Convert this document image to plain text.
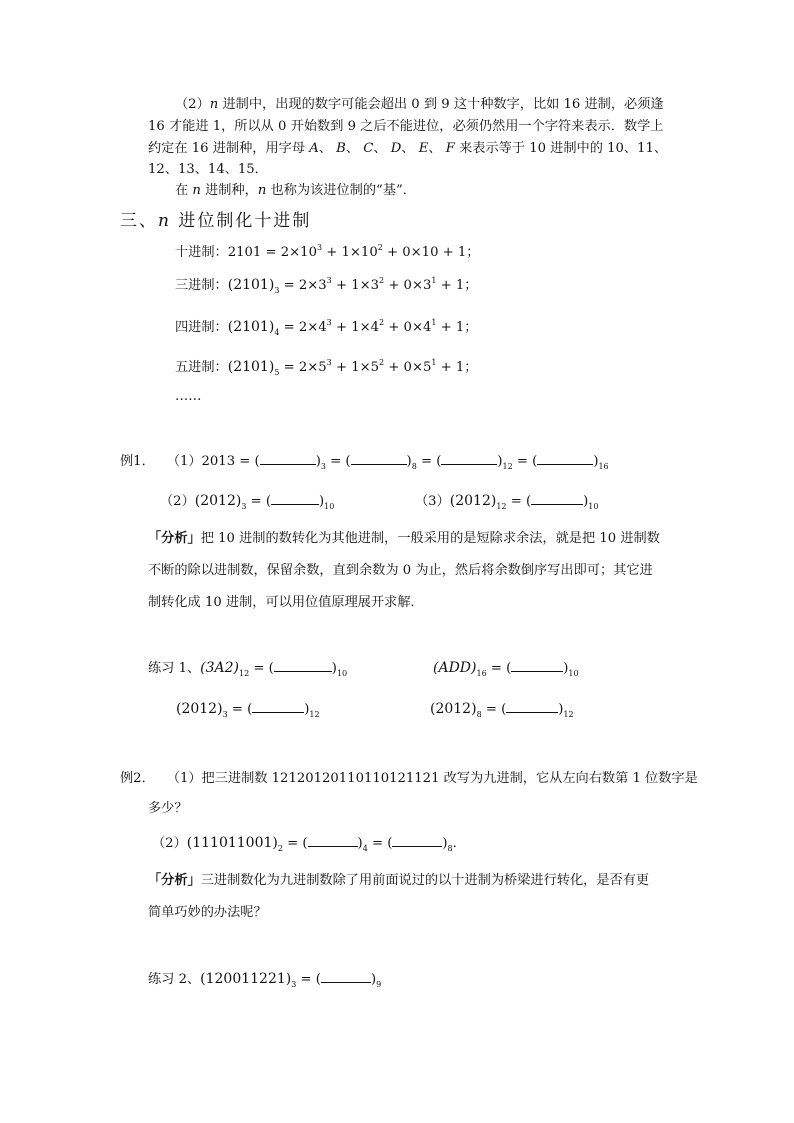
（2）n 进制中，出现的数字可能会超出 0 到 9 这十种数字，比如 16 进制，必须逢
16 才能进 1，所以从 0 开始数到 9 之后不能进位，必须仍然用一个字符来表示．数学上
约定在 16 进制种，用字母 A、 B、 C、 D、 E、 F 来表示等于 10 进制中的 10、11、
12、13、14、15．
在 n 进制种，n 也称为该进位制的“基”．
三、n 进位制化十进制
十进制：$2101 = 2\times 10^3 + 1\times 10^2 + 0\times 10 + 1$；
三进制：$(2101)_3 = 2\times 3^3 + 1\times 3^2 + 0\times 3^1 + 1$；
四进制：$(2101)_4 = 2\times 4^3 + 1\times 4^2 + 0\times 4^1 + 1$；
五进制：$(2101)_5 = 2\times 5^3 + 1\times 5^2 + 0\times 5^1 + 1$；
……
例1． （1）2013 = (	)$_3$ = (	)$_8$ = (	)$_{12}$ = (	)$_{16}$
$(2)(2012)_3$ = (	)$_{10}$	$(3)(2012)_{12}$ = (	)$_{10}$
「分析」把 10 进制的数转化为其他进制，一般采用的是短除求余法，就是把 10 进制数
不断的除以进制数，保留余数，直到余数为 0 为止，然后将余数倒序写出即可；其它进
制转化成 10 进制，可以用位值原理展开求解．
练习 1、$(3A2)_{12}$ = (	)$_{10}$	$(ADD)_{16}$ = (	)$_{10}$
$(2012)_3$ = (	)$_{12}$	$(2012)_8$ = (	)$_{12}$
例2． （1）把三进制数 12120120110110121121 改写为九进制，它从左向右数第 1 位数字是
多少？
$(2)(111011001)_2$ = (	)$_4$ = (	)$_8$．
「分析」三进制数化为九进制数除了用前面说过的以十进制为桥梁进行转化，是否有更
简单巧妙的办法呢？
练习 2、$(120011221)_3$ = (	)$_9$
